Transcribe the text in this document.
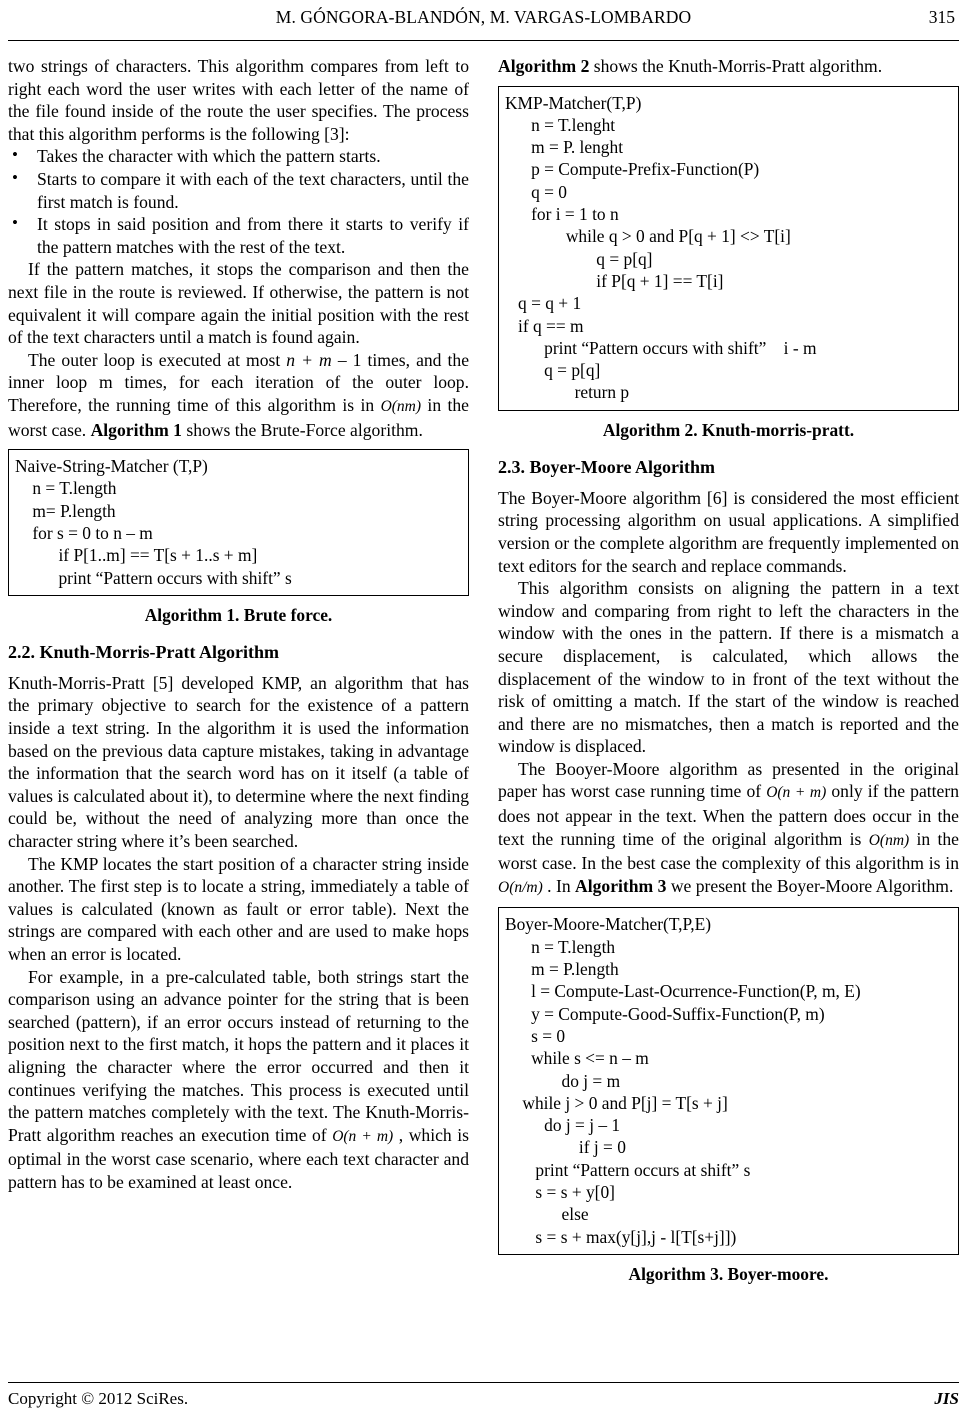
M. GÓNGORA-BLANDÓN, M. VARGAS-LOMBARDO	315

two strings of characters. This algorithm compares from left to right each word the user writes with each letter of the name of the file found inside of the route the user specifies. The process that this algorithm performs is the following [3]:

• Takes the character with which the pattern starts.
• Starts to compare it with each of the text characters, until the first match is found.
• It stops in said position and from there it starts to verify if the pattern matches with the rest of the text.

If the pattern matches, it stops the comparison and then the next file in the route is reviewed. If otherwise, the pattern is not equivalent it will compare again the initial position with the rest of the text characters until a match is found again.

The outer loop is executed at most n + m – 1 times, and the inner loop m times, for each iteration of the outer loop. Therefore, the running time of this algorithm is in O(nm) in the worst case. Algorithm 1 shows the Brute-Force algorithm.

Naive-String-Matcher (T,P)
n = T.length
m= P.length
for s = 0 to n – m
if P[1..m] == T[s + 1..s + m]
print “Pattern occurs with shift” s
Algorithm 1. Brute force.
2.2. Knuth-Morris-Pratt Algorithm

Knuth-Morris-Pratt [5] developed KMP, an algorithm that has the primary objective to search for the existence of a pattern inside a text string. In the algorithm it is used the information based on the previous data capture mistakes, taking in advantage the information that the search word has on it itself (a table of values is calculated about it), to determine where the next finding could be, without the need of analyzing more than once the character string where it’s been searched.

The KMP locates the start position of a character string inside another. The first step is to locate a string, immediately a table of values is calculated (known as fault or error table). Next the strings are compared with each other and are used to make hops when an error is located.

For example, in a pre-calculated table, both strings start the comparison using an advance pointer for the string that is been searched (pattern), if an error occurs instead of returning to the position next to the first match, it hops the pattern and it places it aligning the character where the error occurred and then it continues verifying the matches. This process is executed until the pattern matches completely with the text. The Knuth-Morris-Pratt algorithm reaches an execution time of O(n + m) , which is optimal in the worst case scenario, where each text character and pattern has to be examined at least once.

Algorithm 2 shows the Knuth-Morris-Pratt algorithm.

KMP-Matcher(T,P)
n = T.lenght
m = P. lenght
p = Compute-Prefix-Function(P)
q = 0
for i = 1 to n
while q > 0 and P[q + 1] <> T[i]
q = p[q]
if P[q + 1] == T[i]
q = q + 1
if q == m
print “Pattern occurs with shift”    i - m
q = p[q]
return p
Algorithm 2. Knuth-morris-pratt.
2.3. Boyer-Moore Algorithm

The Boyer-Moore algorithm [6] is considered the most efficient string processing algorithm on usual applications. A simplified version or the complete algorithm are frequently implemented on text editors for the search and replace commands.

This algorithm consists on aligning the pattern in a text window and comparing from right to left the characters in the window with the ones in the pattern. If there is a mismatch a secure displacement, is calculated, which allows the displacement of the window to in front of the text without the risk of omitting a match. If the start of the window is reached and there are no mismatches, then a match is reported and the window is displaced.

The Booyer-Moore algorithm as presented in the original paper has worst case running time of O(n + m) only if the pattern does not appear in the text. When the pattern does occur in the text the running time of the original algorithm is O(nm) in the worst case. In the best case the complexity of this algorithm is in O(n/m) . In Algorithm 3 we present the Boyer-Moore Algorithm.

Boyer-Moore-Matcher(T,P,E)
n = T.length
m = P.length
l = Compute-Last-Ocurrence-Function(P, m, E)
y = Compute-Good-Suffix-Function(P, m)
s = 0
while s <= n – m
do j = m
while j > 0 and P[j] = T[s + j]
do j = j – 1
if j = 0
print “Pattern occurs at shift” s
s = s + y[0]
else
s = s + max(y[j],j - l[T[s+j]])
Algorithm 3. Boyer-moore.
Copyright © 2012 SciRes.	JIS
